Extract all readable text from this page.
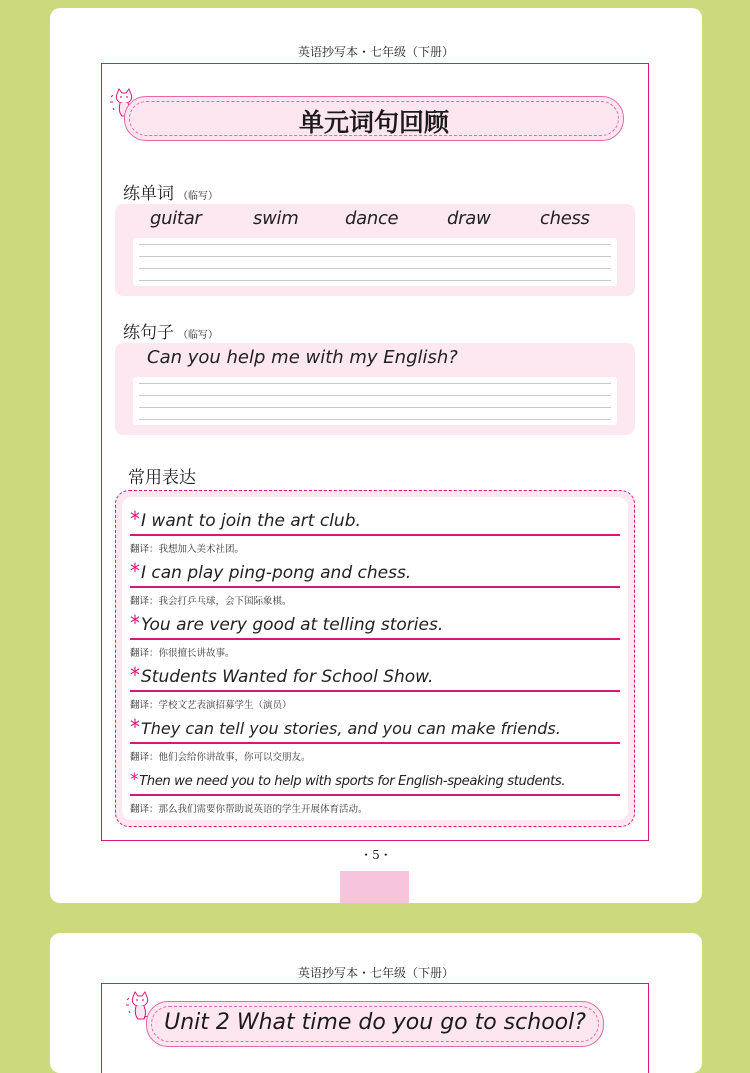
英语抄写本・七年级（下册）
单元词句回顾
练单词 （临写）
guitar	swim	dance	draw	chess
练句子 （临写）
Can you help me with my English?
常用表达
*I want to join the art club.
翻译：我想加入美术社团。
*I can play ping-pong and chess.
翻译：我会打乒乓球，会下国际象棋。
*You are very good at telling stories.
翻译：你很擅长讲故事。
*Students Wanted for School Show.
翻译：学校文艺表演招募学生（演员）
*They can tell you stories, and you can make friends.
翻译：他们会给你讲故事，你可以交朋友。
*Then we need you to help with sports for English-speaking students.
翻译：那么我们需要你帮助说英语的学生开展体育活动。
・5・
英语抄写本・七年级（下册）
Unit 2 What time do you go to school?
